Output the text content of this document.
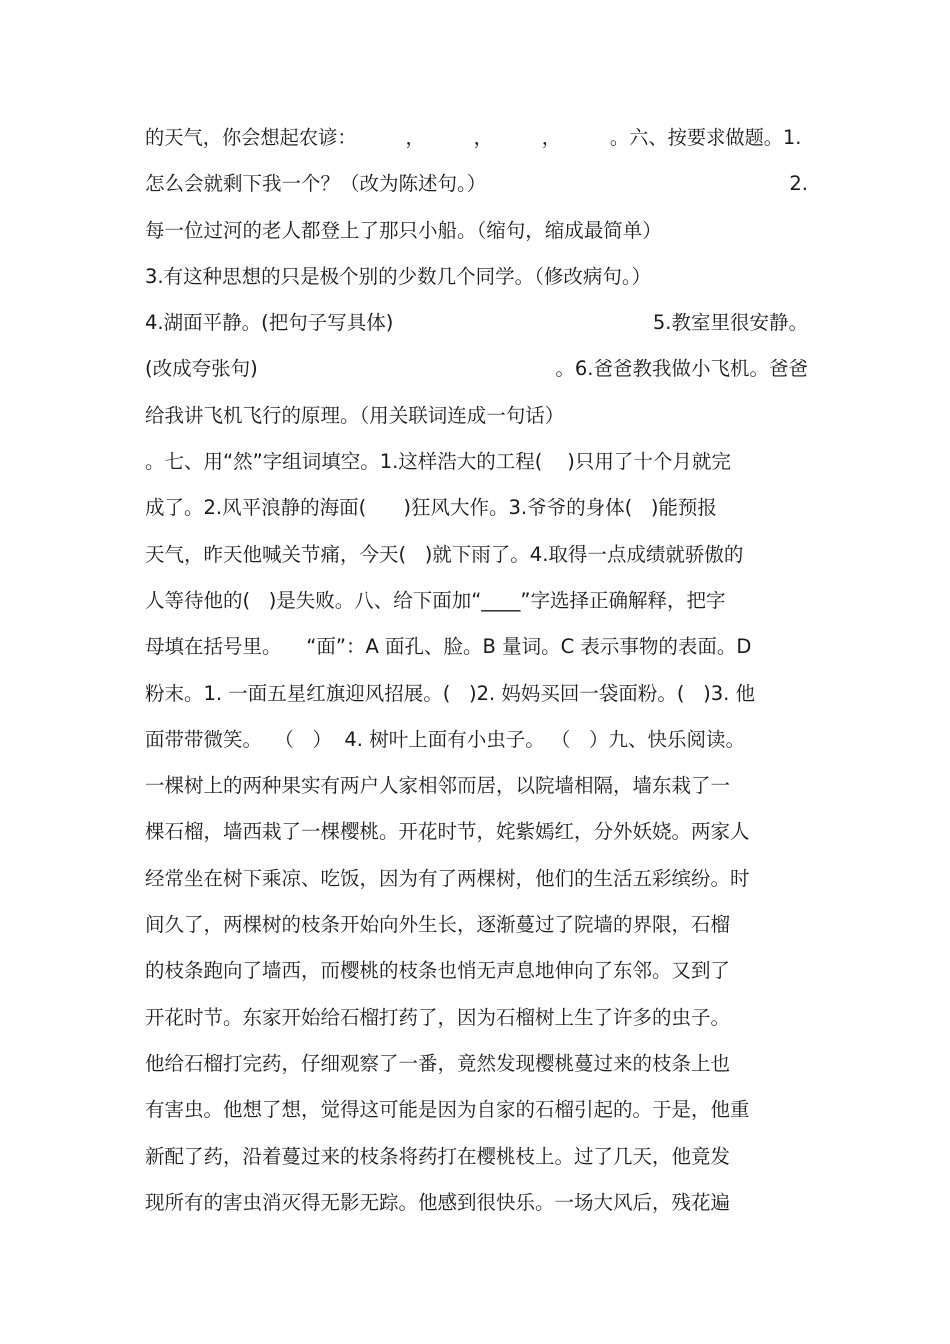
的天气，你会想起农谚：        ，        ，        ，        。六、按要求做题。1.
怎么会就剩下我一个？（改为陈述句。）	2.
每一位过河的老人都登上了那只小船。（缩句，缩成最简单）
3.有这种思想的只是极个别的少数几个同学。（修改病句。）
4.湖面平静。(把句子写具体)	5.教室里很安静。
(改成夸张句)	。6.爸爸教我做小飞机。爸爸
给我讲飞机飞行的原理。（用关联词连成一句话）
。七、用“然”字组词填空。1.这样浩大的工程(    )只用了十个月就完
成了。2.风平浪静的海面(      )狂风大作。3.爷爷的身体(   )能预报
天气，昨天他喊关节痛，今天(   )就下雨了。4.取得一点成绩就骄傲的
人等待他的(   )是失败。八、给下面加“____”字选择正确解释，把字
母填在括号里。    “面”：A 面孔、脸。B 量词。C 表示事物的表面。D
粉末。1. 一面五星红旗迎风招展。(   )2. 妈妈买回一袋面粉。(   )3. 他
面带带微笑。  （   ）  4. 树叶上面有小虫子。 （   ）九、快乐阅读。
一棵树上的两种果实有两户人家相邻而居，以院墙相隔，墙东栽了一
棵石榴，墙西栽了一棵樱桃。开花时节，姹紫嫣红，分外妖娆。两家人
经常坐在树下乘凉、吃饭，因为有了两棵树，他们的生活五彩缤纷。时
间久了，两棵树的枝条开始向外生长，逐渐蔓过了院墙的界限，石榴
的枝条跑向了墙西，而樱桃的枝条也悄无声息地伸向了东邻。又到了
开花时节。东家开始给石榴打药了，因为石榴树上生了许多的虫子。
他给石榴打完药，仔细观察了一番，竟然发现樱桃蔓过来的枝条上也
有害虫。他想了想，觉得这可能是因为自家的石榴引起的。于是，他重
新配了药，沿着蔓过来的枝条将药打在樱桃枝上。过了几天，他竟发
现所有的害虫消灭得无影无踪。他感到很快乐。一场大风后，残花遍
